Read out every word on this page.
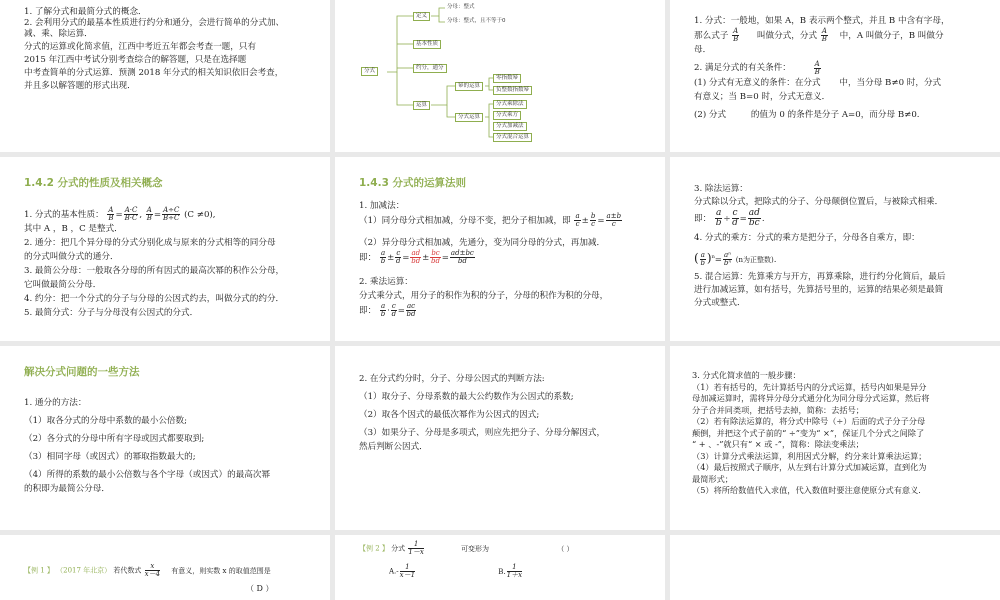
1. 了解分式和最简分式的概念．
2. 会利用分式的最基本性质进行约分和通分，会进行简单的分式加、
减、乘、除运算．
分式的运算或化简求值，江西中考近五年都会考查一题，只有
2015 年江西中考试分别考查综合的解答题，只是在选择题
中考查简单的分式运算．预测 2018 年分式的相关知识依旧会考查，
并且多以解答题的形式出现．
分式
定义
分母：整式
分母：整式，且不等于0
基本性质
约分，通分
运算
幂的运算
零指数幂
负整数指数幂
分式运算
分式乘除法
分式乘方
分式加减法
分式混合运算
1. 分式：一般地，如果 A，B 表示两个整式，并且 B 中含有字母，
那么式子 $\frac{A}{B}$ 叫做分式，分式 $\frac{A}{B}$ 中，A 叫做分子，B 叫做分
母．
2. 满足分式的有关条件：	$\frac{A}{B}$
(1) 分式有无意义的条件：在分式 中，当分母 B≠0 时，分式
有意义；当 B=0 时，分式无意义．
(2) 分式	的值为 0 的条件是分子 A=0，而分母 B≠0.
1.4.2 分式的性质及相关概念
1. 分式的基本性质： $\frac{A}{B} = \frac{A\cdot C}{B\cdot C}$ , $\frac{A}{B} = \frac{A\div C}{B\div C} (C \ne 0)$,
其中 A ，B ，C 是整式．
2. 通分：把几个异分母的分式分别化成与原来的分式相等的同分母
的分式叫做分式的通分．
3. 最简公分母：一般取各分母的所有因式的最高次幂的积作公分母，
它叫做最简公分母．
4. 约分：把一个分式的分子与分母的公因式约去，叫做分式的约分．
5. 最简分式：分子与分母没有公因式的分式．
1.4.3 分式的运算法则
1. 加减法：
（1）同分母分式相加减，分母不变，把分子相加减，即 $\frac{a}{c} \pm \frac{b}{c} = \frac{a\pm b}{c}$
（2）异分母分式相加减，先通分，变为同分母的分式，再加减．
即： $\frac{a}{b} \pm \frac{c}{d} = \frac{ad}{bd} \pm \frac{bc}{bd} = \frac{ad\pm bc}{bd}$
2. 乘法运算：
分式乘分式，用分子的积作为积的分子，分母的积作为积的分母，
即： $\frac{a}{b} \cdot \frac{c}{d} = \frac{ac}{bd}$
3. 除法运算：
分式除以分式，把除式的分子、分母颠倒位置后，与被除式相乘．
即： $\frac{a}{b} \div \frac{c}{d} = \frac{ad}{bc}$ .
4. 分式的乘方：分式的乘方是把分子，分母各自乘方，即：
( $\frac{a}{b} )^n= \frac{\text{aⁿ}}{\text{bⁿ}} (n$为正整数).
5. 混合运算：先算乘方与开方，再算乘除，进行约分化简后，最后
进行加减运算，如有括号，先算括号里的，运算的结果必须是最简
分式或整式．
解决分式问题的一些方法
1. 通分的方法：
（1）取各分式的分母中系数的最小公倍数;
（2）各分式的分母中所有字母或因式都要取到;
（3）相同字母（或因式）的幂取指数最大的;
（4）所得的系数的最小公倍数与各个字母（或因式）的最高次幂
的积即为最简公分母．
2. 在分式约分时，分子、分母公因式的判断方法:
（1）取分子、分母系数的最大公约数作为公因式的系数;
（2）取各个因式的最低次幂作为公因式的因式;
（3）如果分子、分母是多项式，则应先把分子、分母分解因式，
然后判断公因式．
3. 分式化简求值的一般步骤：
（1）若有括号的，先计算括号内的分式运算，括号内如果是异分
母加减运算时，需将异分母分式通分化为同分母分式运算，然后将
分子合并同类项，把括号去掉，简称：去括号；
（2）若有除法运算的，将分式中除号（÷）后面的式子分子分母
颠倒，并把这个式子前的“ ÷”变为“ ×”，保证几个分式之间除了
“ + 、-”就只有“ × 或 -”，简称：除法变乘法；
（3）计算分式乘法运算，利用因式分解，约分来计算乘法运算；
（4）最后按照式子顺序，从左到右计算分式加减运算，直到化为
最简形式；
（5）将所给数值代入求值，代入数值时要注意使原分式有意义．
【例 1 】 （2017 年北京） 若代数式 $\frac{x}{x-4}$ 有意义，则实数 x 的取值范围是
（ D ）
【例 2 】 分式 $\frac{1}{1-x}$	可变形为	（ ）
$A.- \frac{1}{x-1}$	B. $\frac{1}{1+x}$
